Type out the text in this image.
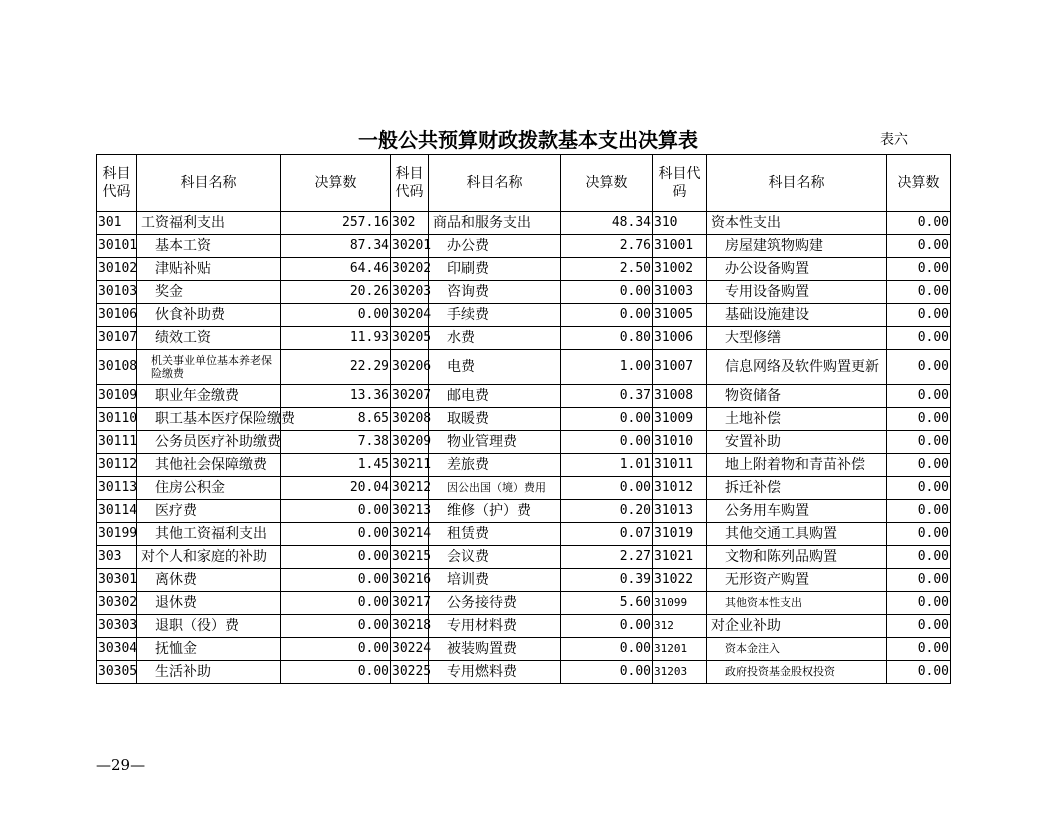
一般公共预算财政拨款基本支出决算表	表六
科目代码	科目名称	决算数	科目代码	科目名称	决算数	科目代码	科目名称	决算数
301	工资福利支出	257.16	302	商品和服务支出	48.34	310	资本性支出	0.00
30101	基本工资	87.34	30201	办公费	2.76	31001	房屋建筑物购建	0.00
30102	津贴补贴	64.46	30202	印刷费	2.50	31002	办公设备购置	0.00
30103	奖金	20.26	30203	咨询费	0.00	31003	专用设备购置	0.00
30106	伙食补助费	0.00	30204	手续费	0.00	31005	基础设施建设	0.00
30107	绩效工资	11.93	30205	水费	0.80	31006	大型修缮	0.00
30108	机关事业单位基本养老保险缴费	22.29	30206	电费	1.00	31007	信息网络及软件购置更新	0.00
30109	职业年金缴费	13.36	30207	邮电费	0.37	31008	物资储备	0.00
30110	职工基本医疗保险缴费	8.65	30208	取暖费	0.00	31009	土地补偿	0.00
30111	公务员医疗补助缴费	7.38	30209	物业管理费	0.00	31010	安置补助	0.00
30112	其他社会保障缴费	1.45	30211	差旅费	1.01	31011	地上附着物和青苗补偿	0.00
30113	住房公积金	20.04	30212	因公出国（境）费用	0.00	31012	拆迁补偿	0.00
30114	医疗费	0.00	30213	维修（护）费	0.20	31013	公务用车购置	0.00
30199	其他工资福利支出	0.00	30214	租赁费	0.07	31019	其他交通工具购置	0.00
303	对个人和家庭的补助	0.00	30215	会议费	2.27	31021	文物和陈列品购置	0.00
30301	离休费	0.00	30216	培训费	0.39	31022	无形资产购置	0.00
30302	退休费	0.00	30217	公务接待费	5.60	31099	其他资本性支出	0.00
30303	退职（役）费	0.00	30218	专用材料费	0.00	312	对企业补助	0.00
30304	抚恤金	0.00	30224	被装购置费	0.00	31201	资本金注入	0.00
30305	生活补助	0.00	30225	专用燃料费	0.00	31203	政府投资基金股权投资	0.00
—29—
